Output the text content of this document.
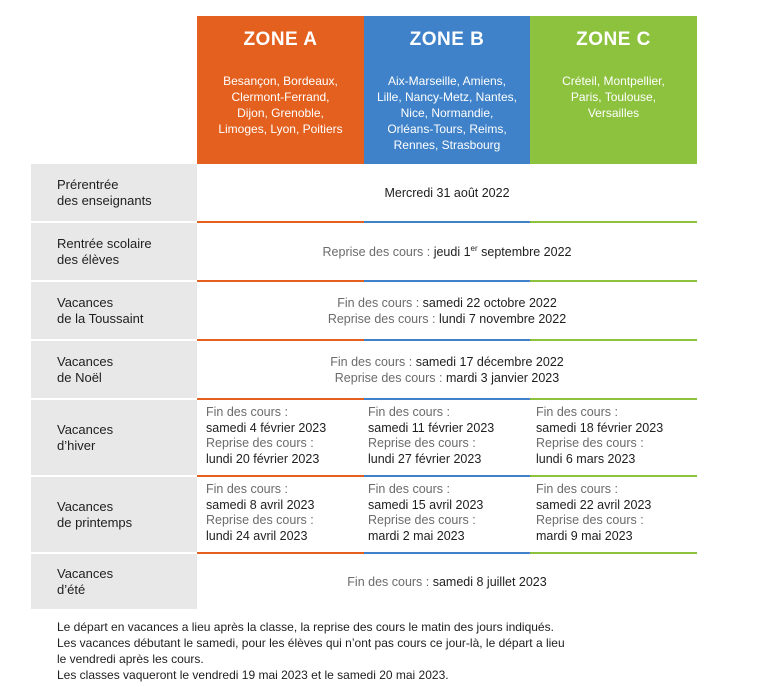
ZONE A	ZONE B	ZONE C
Besançon, Bordeaux,
Clermont-Ferrand,
Dijon, Grenoble,
Limoges, Lyon, Poitiers
Aix-Marseille, Amiens,
Lille, Nancy-Metz, Nantes,
Nice, Normandie,
Orléans-Tours, Reims,
Rennes, Strasbourg
Créteil, Montpellier,
Paris, Toulouse,
Versailles
Prérentrée
des enseignants
Rentrée scolaire
des élèves
Vacances
de la Toussaint
Vacances
de Noël
Vacances
d’hiver
Vacances
de printemps
Vacances
d’été
Mercredi 31 août 2022
Reprise des cours : jeudi 1er septembre 2022
Fin des cours : samedi 22 octobre 2022
Reprise des cours : lundi 7 novembre 2022
Fin des cours : samedi 17 décembre 2022
Reprise des cours : mardi 3 janvier 2023
Fin des cours : samedi 8 juillet 2023
Fin des cours :
samedi 4 février 2023
Reprise des cours :
lundi 20 février 2023
Fin des cours :
samedi 11 février 2023
Reprise des cours :
lundi 27 février 2023
Fin des cours :
samedi 18 février 2023
Reprise des cours :
lundi 6 mars 2023
Fin des cours :
samedi 8 avril 2023
Reprise des cours :
lundi 24 avril 2023
Fin des cours :
samedi 15 avril 2023
Reprise des cours :
mardi 2 mai 2023
Fin des cours :
samedi 22 avril 2023
Reprise des cours :
mardi 9 mai 2023
Le départ en vacances a lieu après la classe, la reprise des cours le matin des jours indiqués.
Les vacances débutant le samedi, pour les élèves qui n’ont pas cours ce jour-là, le départ a lieu
le vendredi après les cours.
Les classes vaqueront le vendredi 19 mai 2023 et le samedi 20 mai 2023.
